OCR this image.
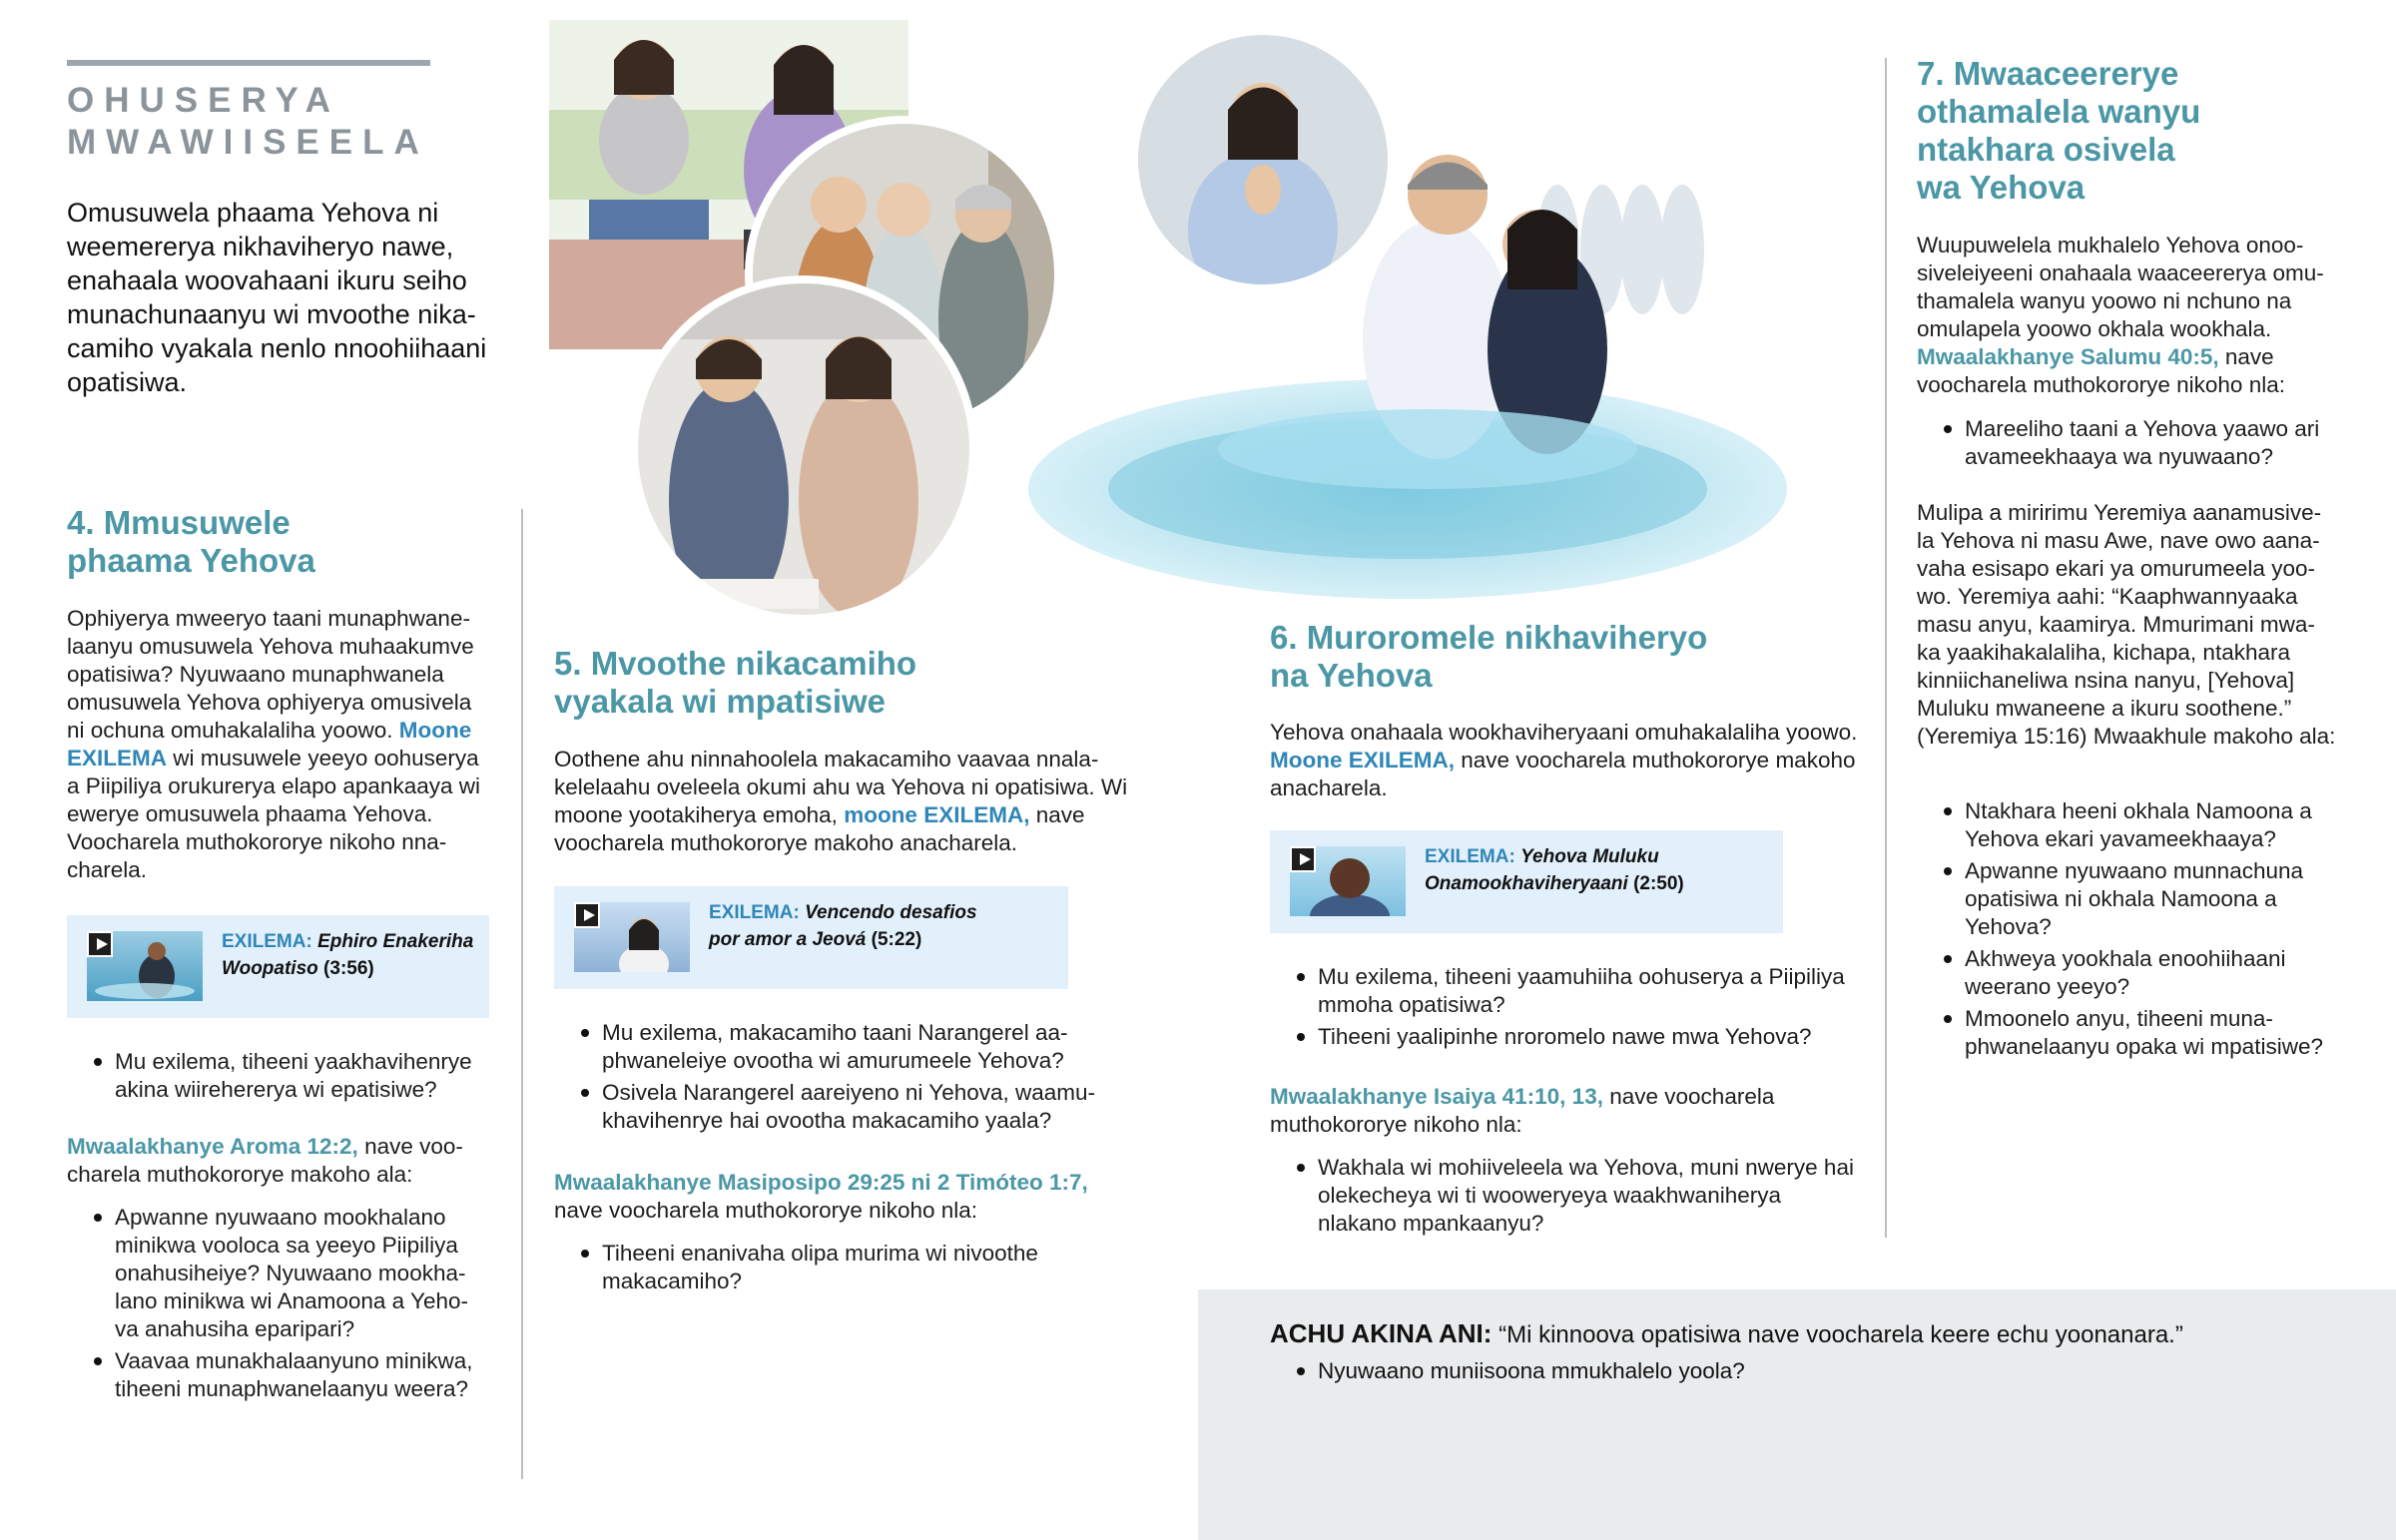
OHUSERYA
MWAWIISEELA

Omusuwela phaama Yehova ni weemererya nikhaviheryo nawe, enahaala woovahaani ikuru seiho munachunaanyu wi mvoothe nika-camiho vyakala nenlo nnoohiihaani opatisiwa.

4. Mmusuwele
phaama Yehova

Ophiyerya mweeryo taani munaphwane-laanyu omusuwela Yehova muhaakumve opatisiwa? Nyuwaano munaphwanela omusuwela Yehova ophiyerya omusivela ni ochuna omuhakalaliha yoowo. Moone EXILEMA wi musuwele yeeyo oohuserya a Piipiliya orukurerya elapo apankaaya wi ewerye omusuwela phaama Yehova. Voocharela muthokororye nikoho nna-charela.

EXILEMA: Ephiro Enakeriha Woopatiso (3:56)
Mu exilema, tiheeni yaakhavihenrye akina wiirehererya wi epatisiwe?

Mwaalakhanye Aroma 12:2, nave voo-charela muthokororye makoho ala:

Apwanne nyuwaano mookhalano minikwa vooloca sa yeeyo Piipiliya onahusiheiye? Nyuwaano mookha-lano minikwa wi Anamoona a Yeho-va anahusiha eparipari?
Vaavaa munakhalaanyuno minikwa, tiheeni munaphwanelaanyu weera?
5. Mvoothe nikacamiho
vyakala wi mpatisiwe

Oothene ahu ninnahoolela makacamiho vaavaa nnala-kelelaahu oveleela okumi ahu wa Yehova ni opatisiwa. Wi moone yootakiherya emoha, moone EXILEMA, nave voocharela muthokororye makoho anacharela.

EXILEMA: Vencendo desafios por amor a Jeová (5:22)
Mu exilema, makacamiho taani Narangerel aa-phwaneleiye ovootha wi amurumeele Yehova?
Osivela Narangerel aareiyeno ni Yehova, waamu-khavihenrye hai ovootha makacamiho yaala?

Mwaalakhanye Masiposipo 29:25 ni 2 Timóteo 1:7, nave voocharela muthokororye nikoho nla:

Tiheeni enanivaha olipa murima wi nivoothe makacamiho?
6. Muroromele nikhaviheryo
na Yehova

Yehova onahaala wookhaviheryaani omuhakalaliha yoowo. Moone EXILEMA, nave voocharela muthokororye makoho anacharela.

EXILEMA: Yehova Muluku Onamookhaviheryaani (2:50)
Mu exilema, tiheeni yaamuhiiha oohuserya a Piipiliya mmoha opatisiwa?
Tiheeni yaalipinhe nroromelo nawe mwa Yehova?

Mwaalakhanye Isaiya 41:10, 13, nave voocharela muthokororye nikoho nla:

Wakhala wi mohiiveleela wa Yehova, muni nwerye hai olekecheya wi ti wooweryeya waakhwaniherya nlakano mpankaanyu?
7. Mwaaceererye
othamalela wanyu
ntakhara osivela
wa Yehova

Wuupuwelela mukhalelo Yehova onoo-siveleiyeeni onahaala waaceererya omu-thamalela wanyu yoowo ni nchuno na omulapela yoowo okhala wookhala. Mwaalakhanye Salumu 40:5, nave voocharela muthokororye nikoho nla:

Mareeliho taani a Yehova yaawo ari avameekhaaya wa nyuwaano?

Mulipa a miririmu Yeremiya aanamusive-la Yehova ni masu Awe, nave owo aana-vaha esisapo ekari ya omurumeela yoo-wo. Yeremiya aahi: “Kaaphwannyaaka masu anyu, kaamirya. Mmurimani mwa-ka yaakihakalaliha, kichapa, ntakhara kinniichaneliwa nsina nanyu, [Yehova] Muluku mwaneene a ikuru soothene.” (Yeremiya 15:16) Mwaakhule makoho ala:

Ntakhara heeni okhala Namoona a Yehova ekari yavameekhaaya?
Apwanne nyuwaano munnachuna opatisiwa ni okhala Namoona a Yehova?
Akhweya yookhala enoohiihaani weerano yeeyo?
Mmoonelo anyu, tiheeni muna-phwanelaanyu opaka wi mpatisiwe?

ACHU AKINA ANI: “Mi kinnoova opatisiwa nave voocharela keere echu yoonanara.”

Nyuwaano muniisoona mmukhalelo yoola?
